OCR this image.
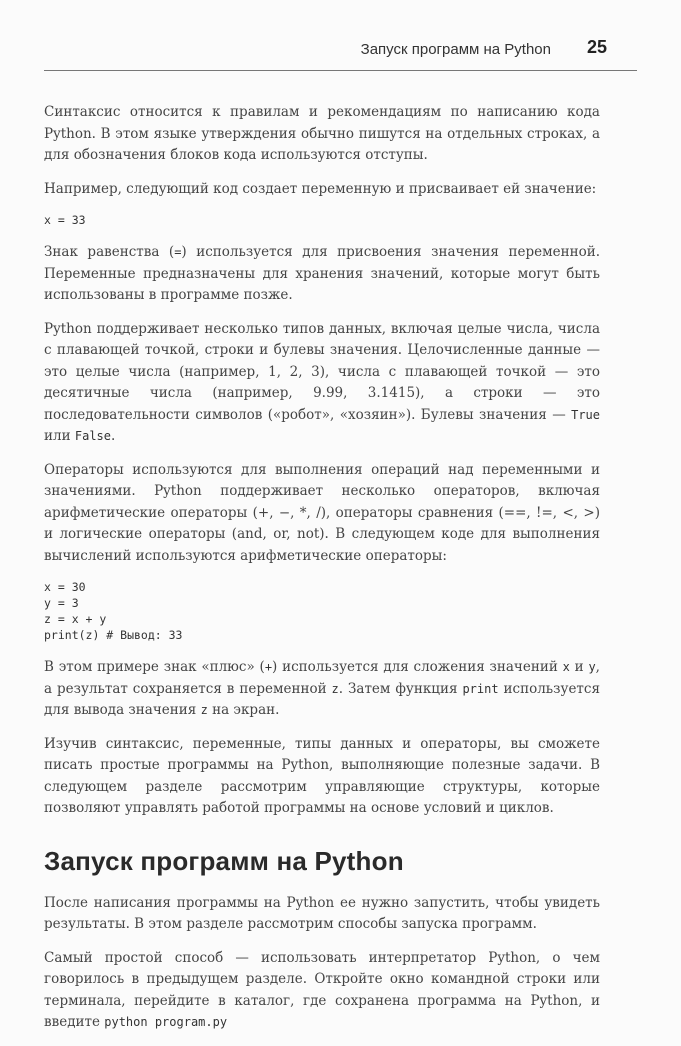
Запуск программ на Python 25

Синтаксис относится к правилам и рекомендациям по написанию кода Python. В этом языке утверждения обычно пишутся на отдельных строках, а для обозначения блоков кода используются отступы.

Например, следующий код создает переменную и присваивает ей значение:

x = 33

Знак равенства (=) используется для присвоения значения переменной. Переменные предназначены для хранения значений, которые могут быть использованы в программе позже.

Python поддерживает несколько типов данных, включая целые числа, числа с плавающей точкой, строки и булевы значения. Целочисленные данные — это целые числа (например, 1, 2, 3), числа с плавающей точкой — это десятичные числа (например, 9.99, 3.1415), а строки — это последовательности символов («робот», «хозяин»). Булевы значения — True или False.

Операторы используются для выполнения операций над переменными и значениями. Python поддерживает несколько операторов, включая арифметические операторы (+, −, *, /), операторы сравнения (==, !=, <, >) и логические операторы (and, or, not). В следующем коде для выполнения вычислений используются арифметические операторы:

x = 30
y = 3
z = x + y
print(z) # Вывод: 33

В этом примере знак «плюс» (+) используется для сложения значений x и y, а результат сохраняется в переменной z. Затем функция print используется для вывода значения z на экран.

Изучив синтаксис, переменные, типы данных и операторы, вы сможете писать простые программы на Python, выполняющие полезные задачи. В следующем разделе рассмотрим управляющие структуры, которые позволяют управлять работой программы на основе условий и циклов.

Запуск программ на Python

После написания программы на Python ее нужно запустить, чтобы увидеть результаты. В этом разделе рассмотрим способы запуска программ.

Самый простой способ — использовать интерпретатор Python, о чем говорилось в предыдущем разделе. Откройте окно командной строки или терминала, перейдите в каталог, где сохранена программа на Python, и введите python program.py
